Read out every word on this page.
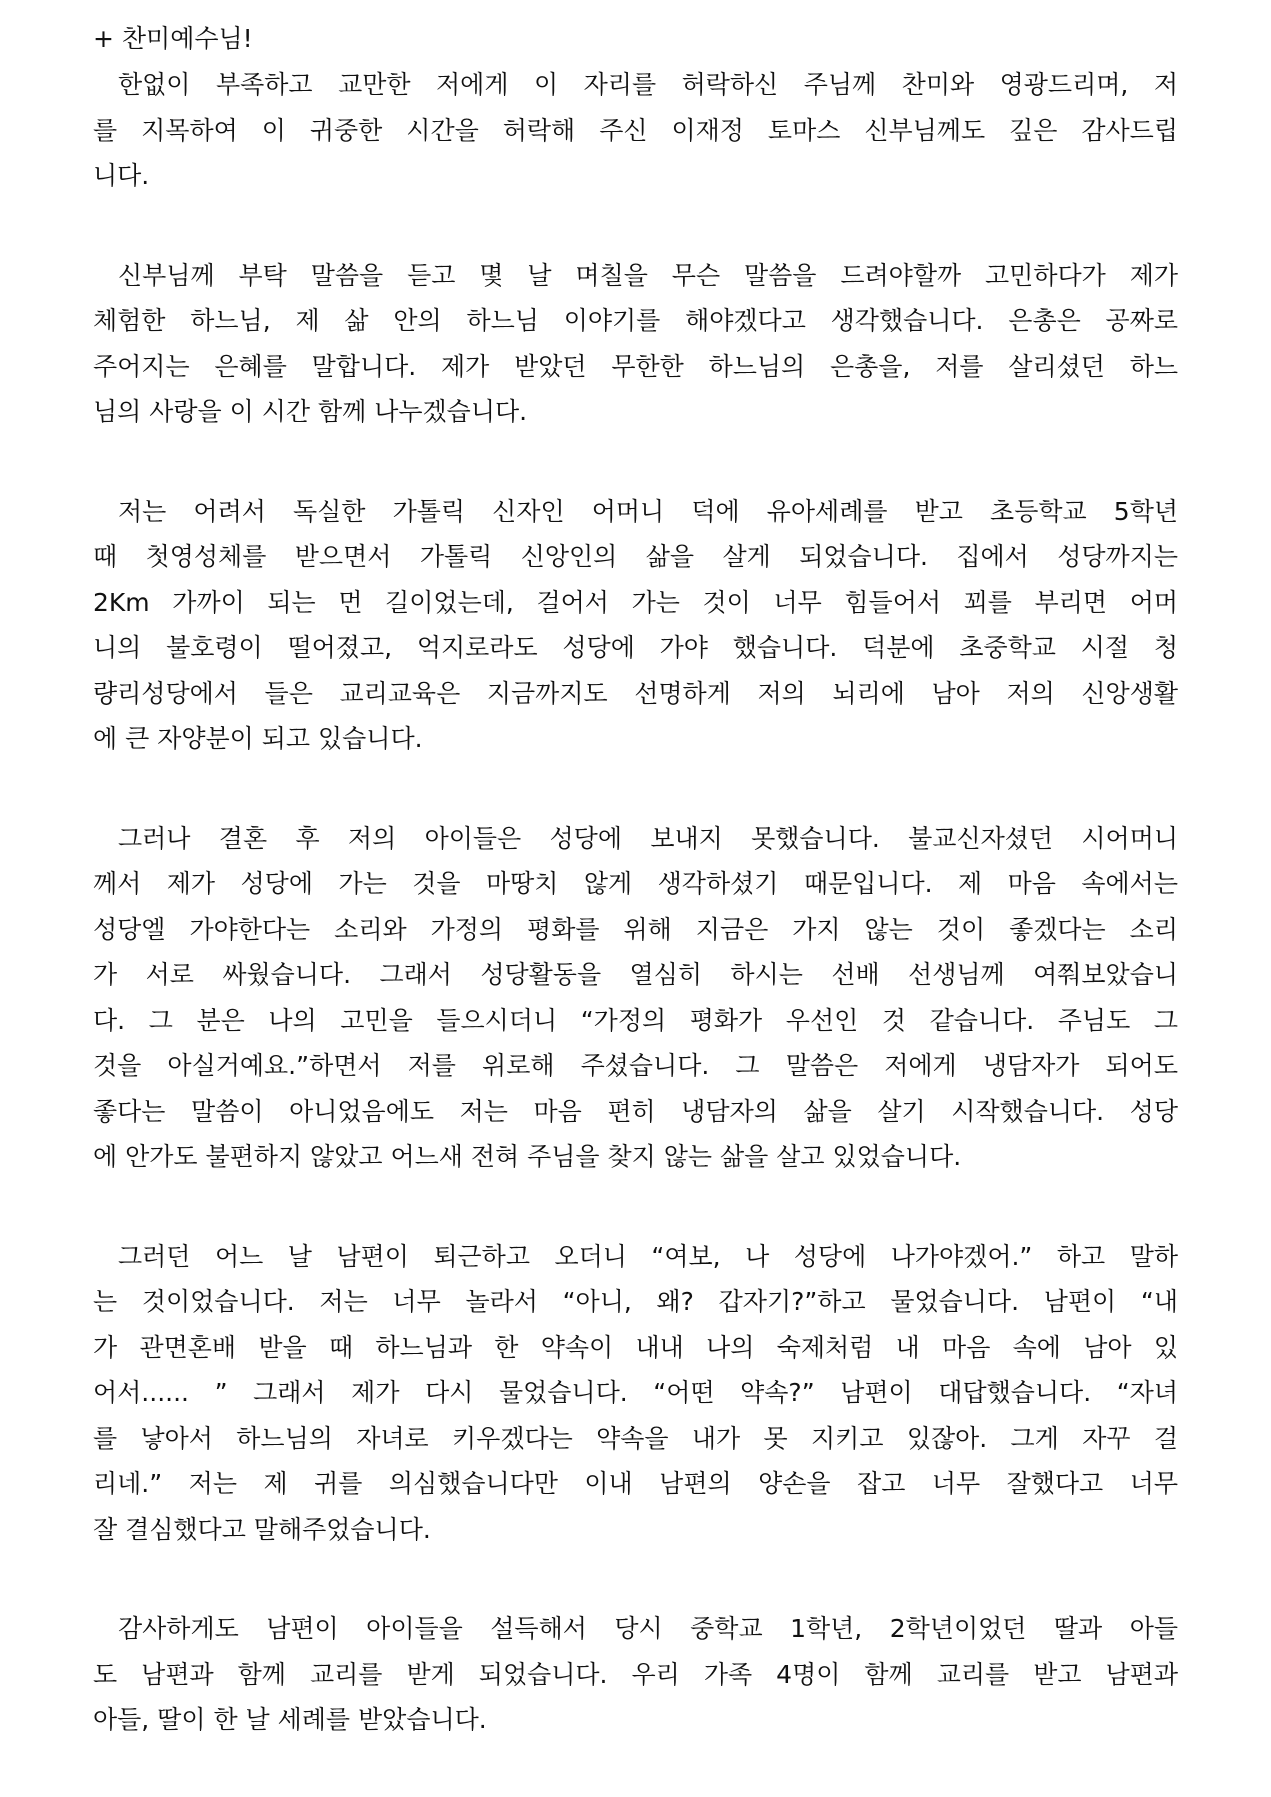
+ 찬미예수님!
한없이 부족하고 교만한 저에게 이 자리를 허락하신 주님께 찬미와 영광드리며, 저
를 지목하여 이 귀중한 시간을 허락해 주신 이재정 토마스 신부님께도 깊은 감사드립
니다.
신부님께 부탁 말씀을 듣고 몇 날 며칠을 무슨 말씀을 드려야할까 고민하다가 제가
체험한 하느님, 제 삶 안의 하느님 이야기를 해야겠다고 생각했습니다. 은총은 공짜로
주어지는 은혜를 말합니다. 제가 받았던 무한한 하느님의 은총을, 저를 살리셨던 하느
님의 사랑을 이 시간 함께 나누겠습니다.
저는 어려서 독실한 가톨릭 신자인 어머니 덕에 유아세례를 받고 초등학교 5학년
때 첫영성체를 받으면서 가톨릭 신앙인의 삶을 살게 되었습니다. 집에서 성당까지는
2Km 가까이 되는 먼 길이었는데, 걸어서 가는 것이 너무 힘들어서 꾀를 부리면 어머
니의 불호령이 떨어졌고, 억지로라도 성당에 가야 했습니다. 덕분에 초중학교 시절 청
량리성당에서 들은 교리교육은 지금까지도 선명하게 저의 뇌리에 남아 저의 신앙생활
에 큰 자양분이 되고 있습니다.
그러나 결혼 후 저의 아이들은 성당에 보내지 못했습니다. 불교신자셨던 시어머니
께서 제가 성당에 가는 것을 마땅치 않게 생각하셨기 때문입니다. 제 마음 속에서는
성당엘 가야한다는 소리와 가정의 평화를 위해 지금은 가지 않는 것이 좋겠다는 소리
가 서로 싸웠습니다. 그래서 성당활동을 열심히 하시는 선배 선생님께 여쭤보았습니
다. 그 분은 나의 고민을 들으시더니 “가정의 평화가 우선인 것 같습니다. 주님도 그
것을 아실거예요.”하면서 저를 위로해 주셨습니다. 그 말씀은 저에게 냉담자가 되어도
좋다는 말씀이 아니었음에도 저는 마음 편히 냉담자의 삶을 살기 시작했습니다. 성당
에 안가도 불편하지 않았고 어느새 전혀 주님을 찾지 않는 삶을 살고 있었습니다.
그러던 어느 날 남편이 퇴근하고 오더니 “여보, 나 성당에 나가야겠어.” 하고 말하
는 것이었습니다. 저는 너무 놀라서 “아니, 왜? 갑자기?”하고 물었습니다. 남편이 “내
가 관면혼배 받을 때 하느님과 한 약속이 내내 나의 숙제처럼 내 마음 속에 남아 있
어서...... ” 그래서 제가 다시 물었습니다. “어떤 약속?” 남편이 대답했습니다. “자녀
를 낳아서 하느님의 자녀로 키우겠다는 약속을 내가 못 지키고 있잖아. 그게 자꾸 걸
리네.” 저는 제 귀를 의심했습니다만 이내 남편의 양손을 잡고 너무 잘했다고 너무
잘 결심했다고 말해주었습니다.
감사하게도 남편이 아이들을 설득해서 당시 중학교 1학년, 2학년이었던 딸과 아들
도 남편과 함께 교리를 받게 되었습니다. 우리 가족 4명이 함께 교리를 받고 남편과
아들, 딸이 한 날 세례를 받았습니다.
